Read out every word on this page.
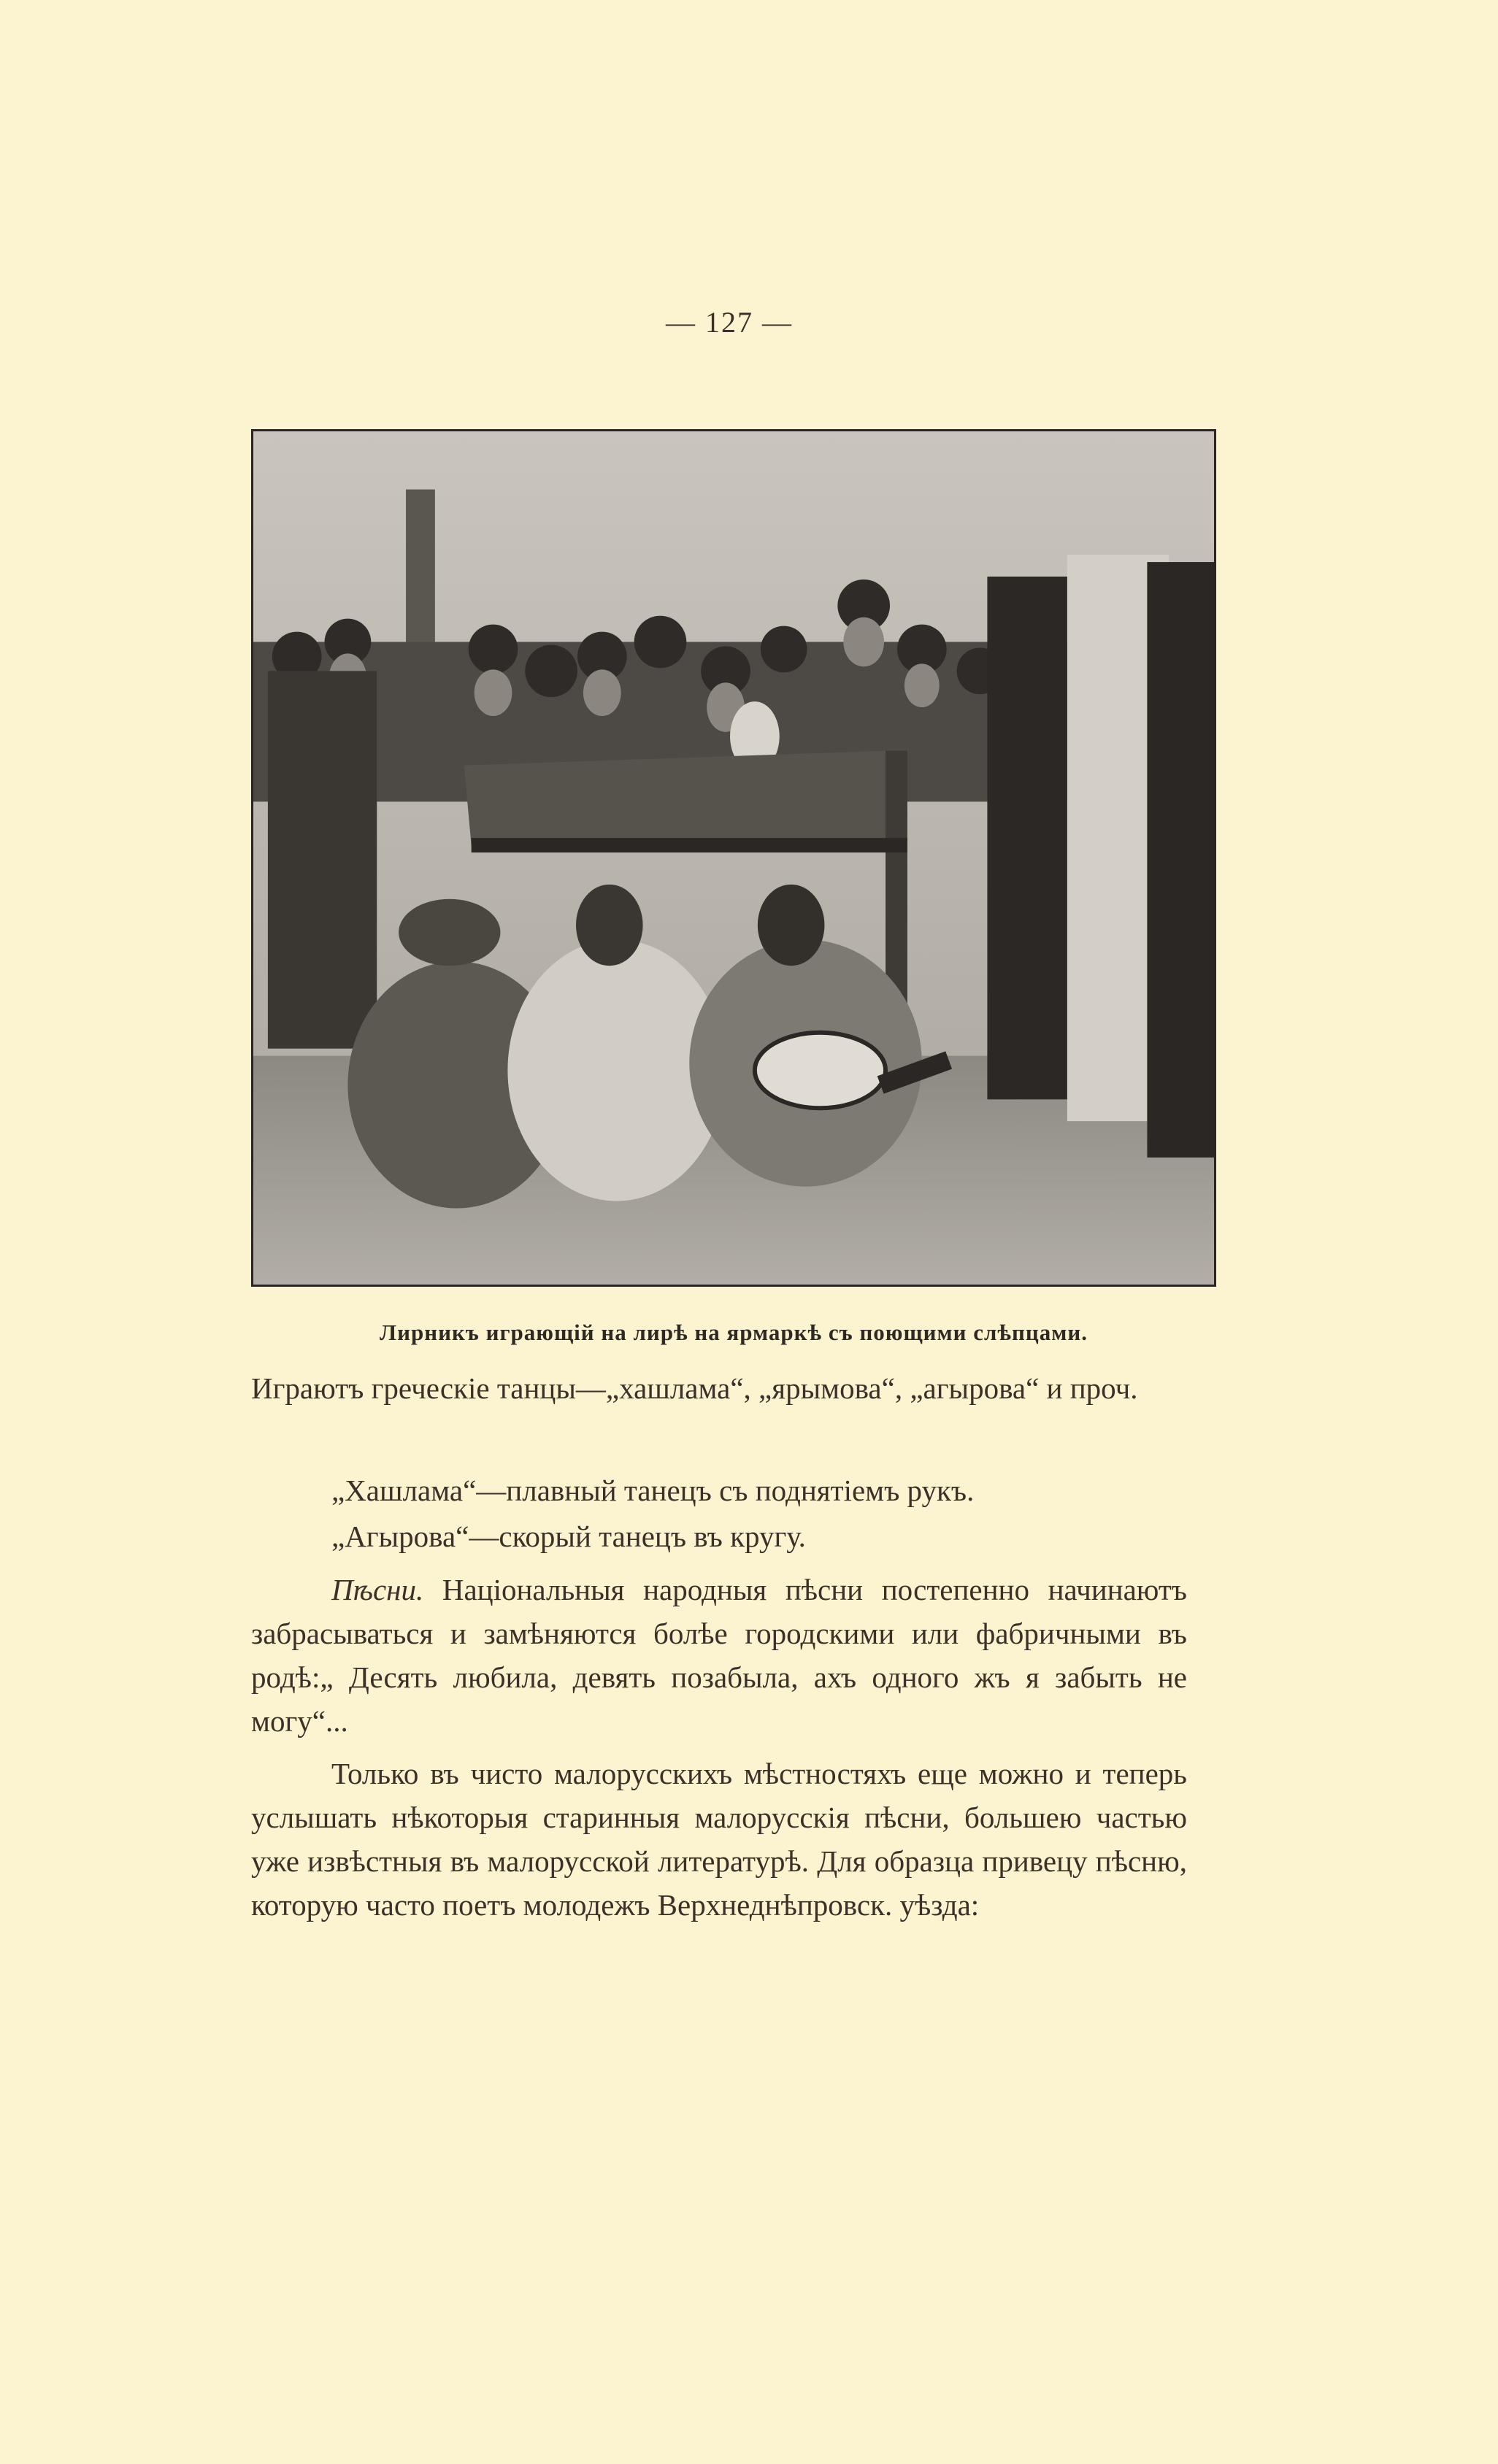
— 127 —
Лирникъ играющій на лирѣ на ярмаркѣ съ поющими слѣпцами.

Играютъ греческіе танцы—„хашлама“, „ярымова“, „агырова“ и проч.

„Хашлама“—плавный танецъ съ поднятіемъ рукъ.

„Агырова“—скорый танецъ въ кругу.

Пѣсни. Національныя народныя пѣсни постепенно начинаютъ забрасываться и замѣняются болѣе городскими или фабричными въ родѣ:„ Десять любила, девять позабыла, ахъ одного жъ я забыть не могу“...

Только въ чисто малорусскихъ мѣстностяхъ еще можно и теперь услышать нѣкоторыя старинныя малорусскія пѣсни, большею частью уже извѣстныя въ малорусской литературѣ. Для образца привецу пѣсню, которую часто поетъ молодежъ Верхнеднѣпровск. уѣзда:
